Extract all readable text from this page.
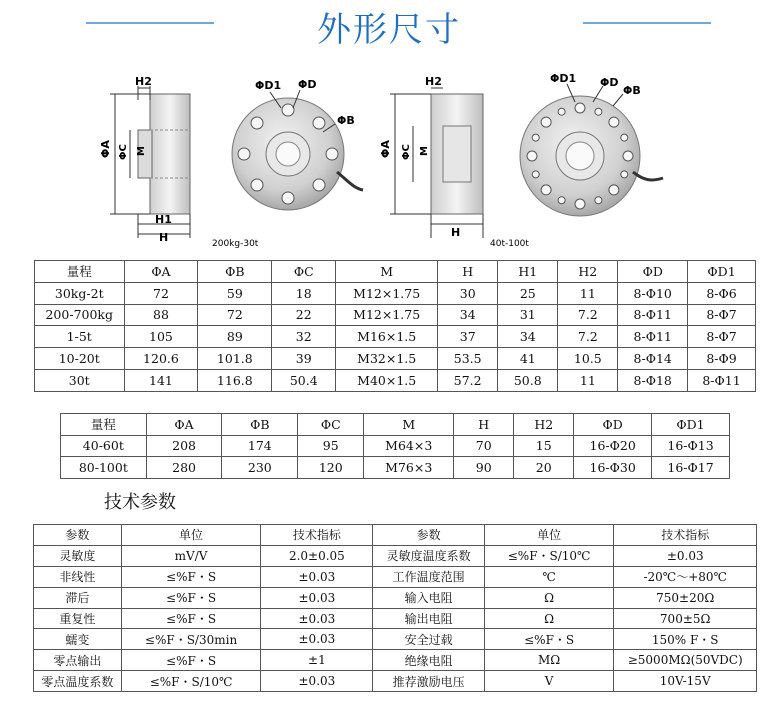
外形尺寸
H2
ΦA ΦC M
H1
H
ΦD1 ΦD
ΦB
200kg-30t
H2
ΦA ΦC M
H
40t-100t
ΦD1 ΦD
ΦB
量程	ΦA	ΦB	ΦC	M	H	H1	H2	ΦD	ΦD1
30kg-2t	72	59	18	M12×1.75	30	25	11	8-Φ10	8-Φ6
200-700kg	88	72	22	M12×1.75	34	31	7.2	8-Φ11	8-Φ7
1-5t	105	89	32	M16×1.5	37	34	7.2	8-Φ11	8-Φ7
10-20t	120.6	101.8	39	M32×1.5	53.5	41	10.5	8-Φ14	8-Φ9
30t	141	116.8	50.4	M40×1.5	57.2	50.8	11	8-Φ18	8-Φ11
量程	ΦA	ΦB	ΦC	M	H	H2	ΦD	ΦD1
40-60t	208	174	95	M64×3	70	15	16-Φ20	16-Φ13
80-100t	280	230	120	M76×3	90	20	16-Φ30	16-Φ17
技术参数
参数	单位	技术指标	参数	单位	技术指标
灵敏度	mV/V	2.0±0.05	灵敏度温度系数	≤%F・S/10℃	±0.03
非线性	≤%F・S	±0.03	工作温度范围	℃	-20℃～+80℃
滞后	≤%F・S	±0.03	输入电阻	Ω	750±20Ω
重复性	≤%F・S	±0.03	输出电阻	Ω	700±5Ω
蠕变	≤%F・S/30min	±0.03	安全过载	≤%F・S	150% F・S
零点输出	≤%F・S	±1	绝缘电阻	MΩ	≥5000MΩ(50VDC)
零点温度系数	≤%F・S/10℃	±0.03	推荐激励电压	V	10V-15V
